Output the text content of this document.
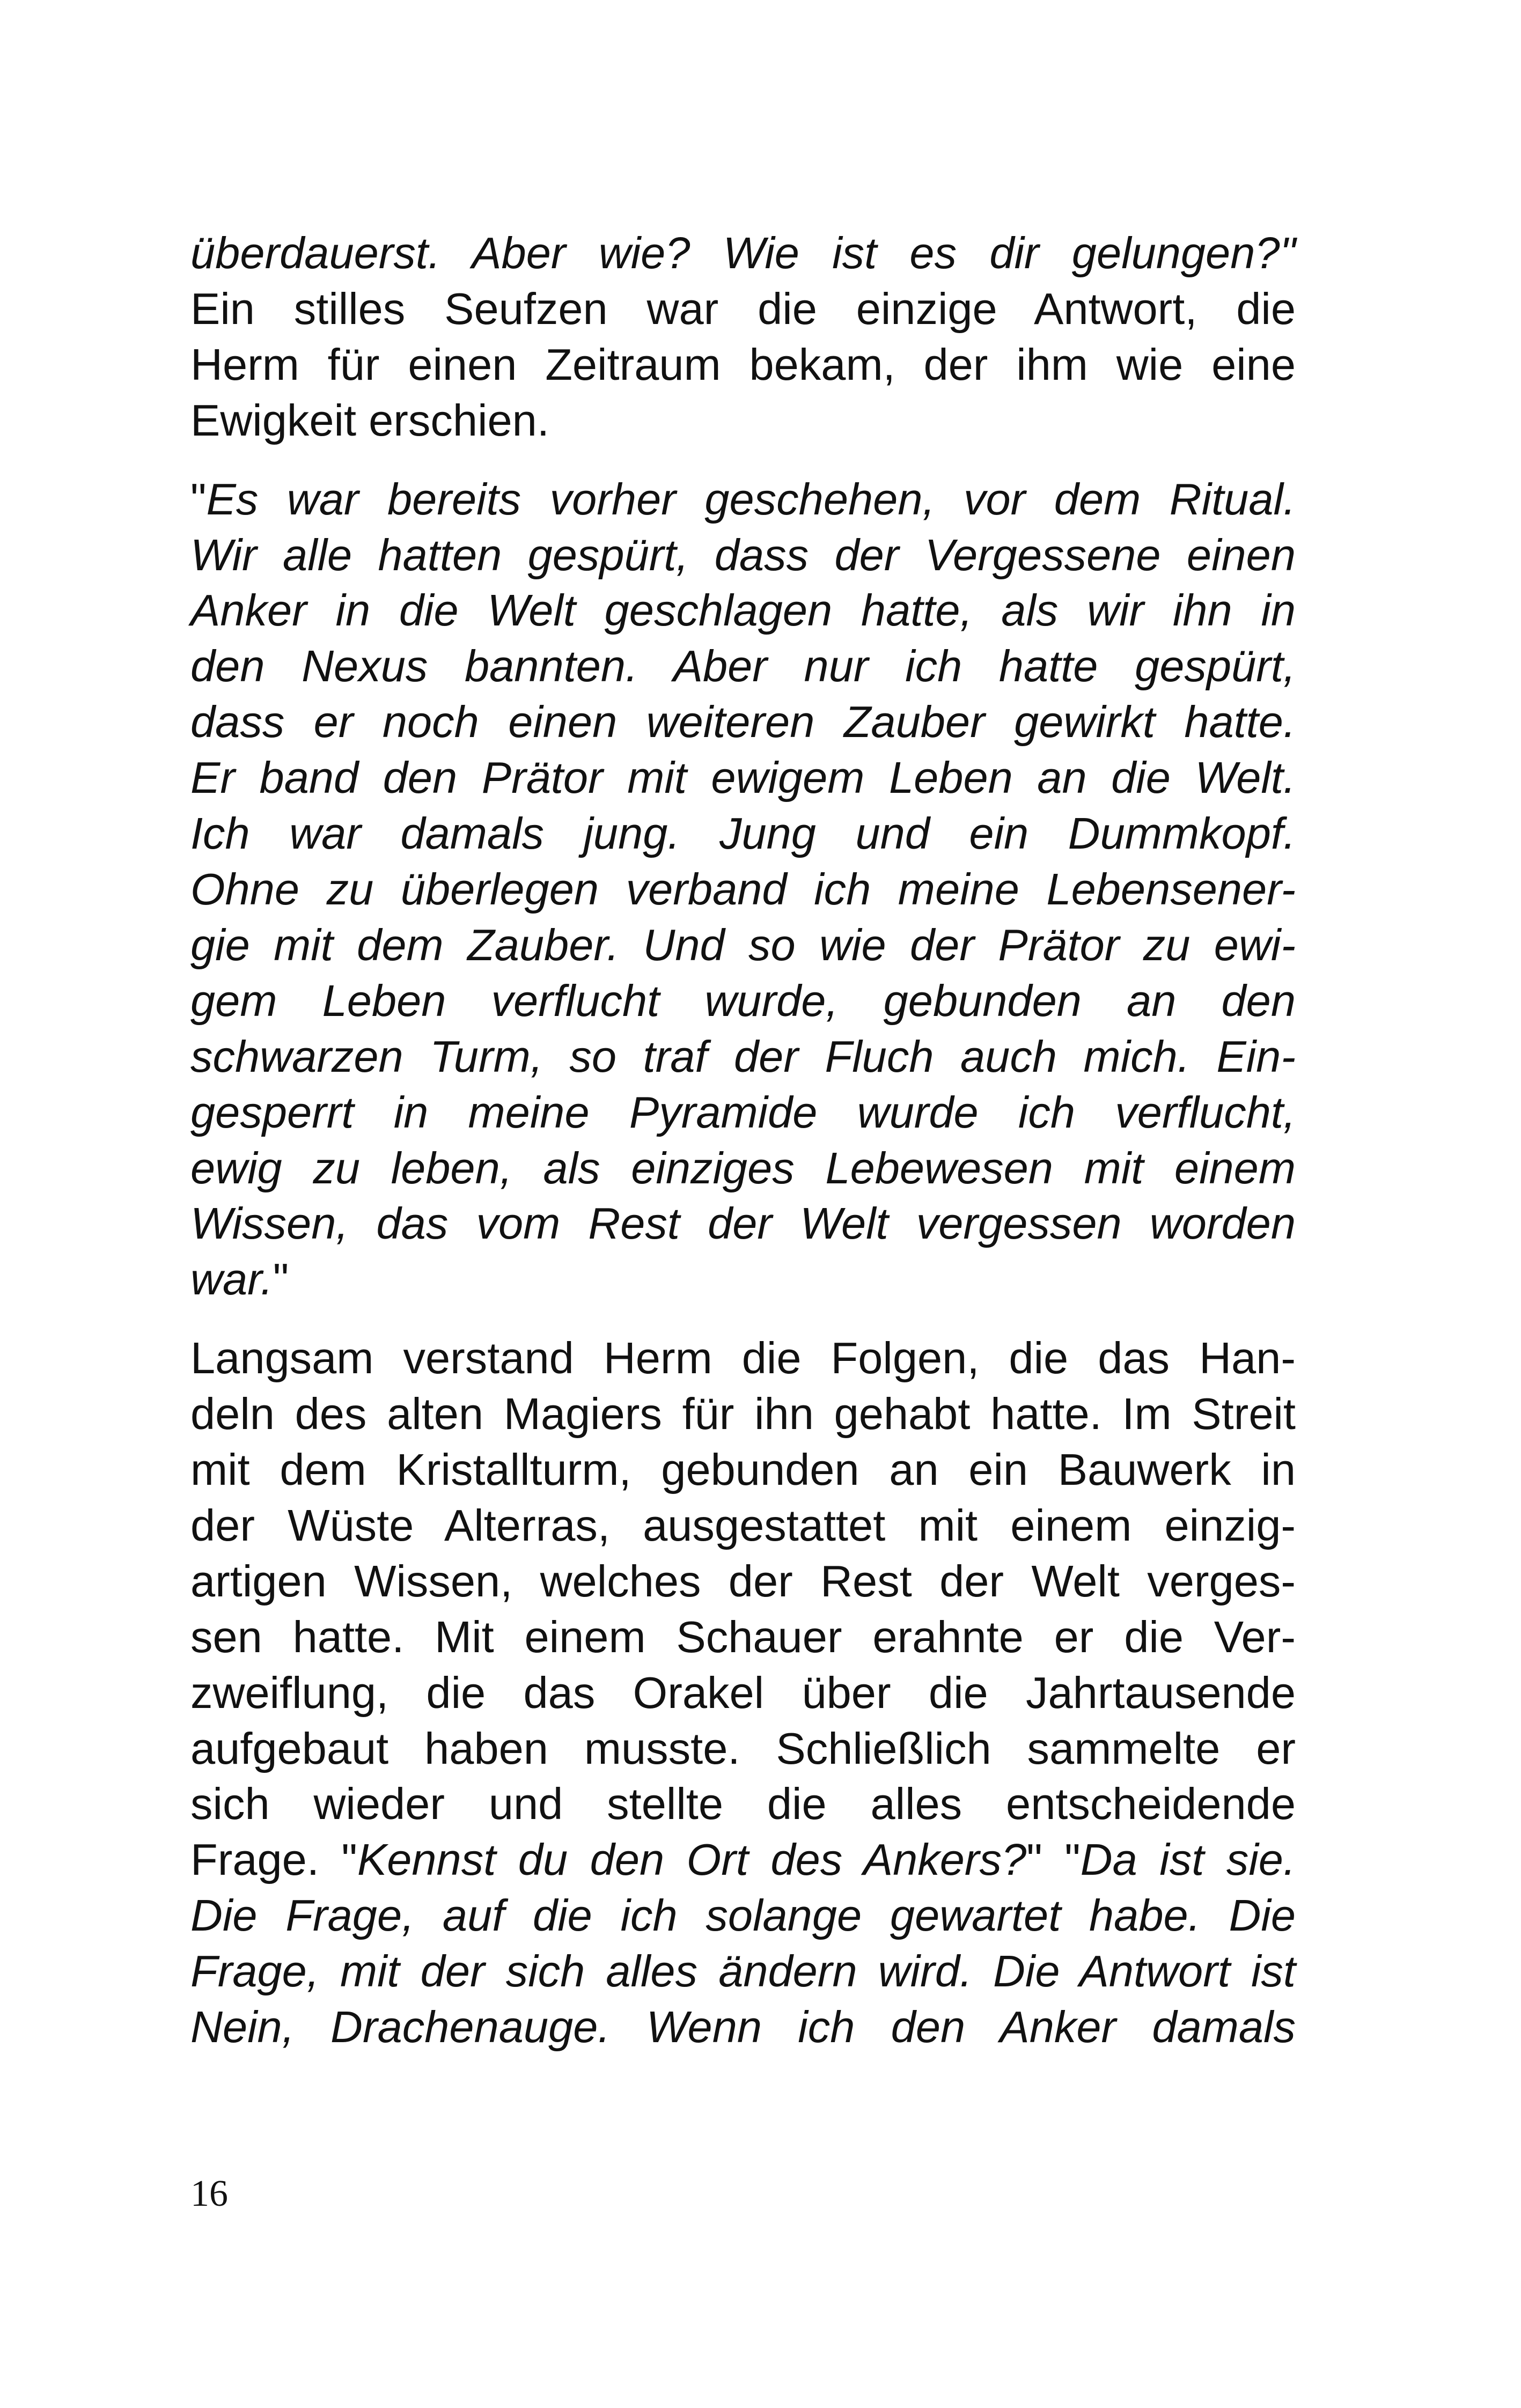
überdauerst. Aber wie? Wie ist es dir gelungen?"
Ein stilles Seufzen war die einzige Antwort, die
Herm für einen Zeitraum bekam, der ihm wie eine
Ewigkeit erschien.
"Es war bereits vorher geschehen, vor dem Ritual.
Wir alle hatten gespürt, dass der Vergessene einen
Anker in die Welt geschlagen hatte, als wir ihn in
den Nexus bannten. Aber nur ich hatte gespürt,
dass er noch einen weiteren Zauber gewirkt hatte.
Er band den Prätor mit ewigem Leben an die Welt.
Ich war damals jung. Jung und ein Dummkopf.
Ohne zu überlegen verband ich meine Lebensener-
gie mit dem Zauber. Und so wie der Prätor zu ewi-
gem Leben verflucht wurde, gebunden an den
schwarzen Turm, so traf der Fluch auch mich. Ein-
gesperrt in meine Pyramide wurde ich verflucht,
ewig zu leben, als einziges Lebewesen mit einem
Wissen, das vom Rest der Welt vergessen worden
war."
Langsam verstand Herm die Folgen, die das Han-
deln des alten Magiers für ihn gehabt hatte. Im Streit
mit dem Kristallturm, gebunden an ein Bauwerk in
der Wüste Alterras, ausgestattet mit einem einzig-
artigen Wissen, welches der Rest der Welt verges-
sen hatte. Mit einem Schauer erahnte er die Ver-
zweiflung, die das Orakel über die Jahrtausende
aufgebaut haben musste. Schließlich sammelte er
sich wieder und stellte die alles entscheidende
Frage. "Kennst du den Ort des Ankers?" "Da ist sie.
Die Frage, auf die ich solange gewartet habe. Die
Frage, mit der sich alles ändern wird. Die Antwort ist
Nein, Drachenauge. Wenn ich den Anker damals
16
